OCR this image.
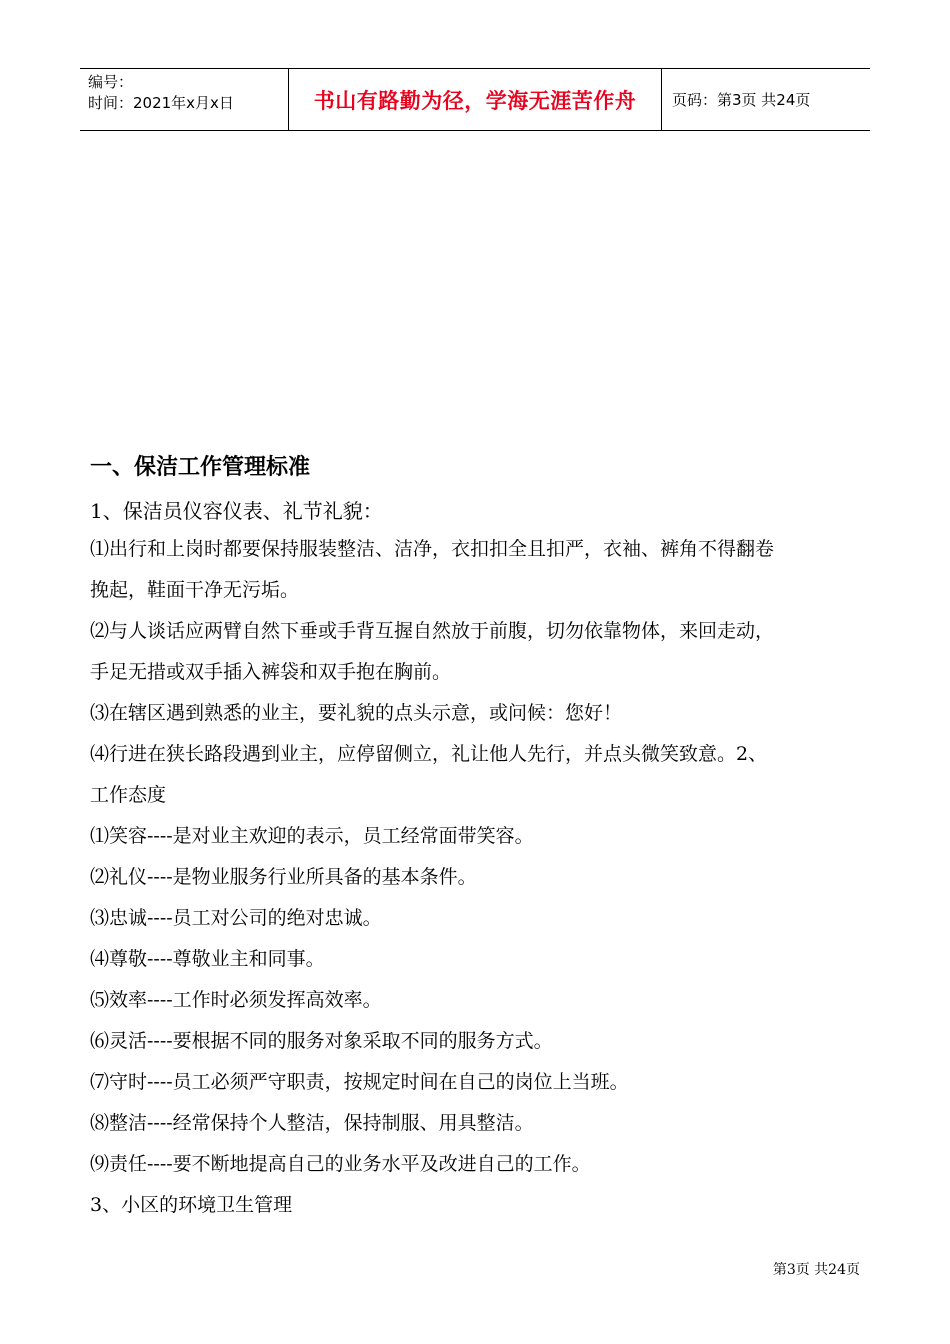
编号：
时间：2021年x月x日	书山有路勤为径，学海无涯苦作舟	页码：第3页 共24页
一、保洁工作管理标准
1、保洁员仪容仪表、礼节礼貌：
⑴出行和上岗时都要保持服装整洁、洁净，衣扣扣全且扣严，衣袖、裤角不得翻卷
挽起，鞋面干净无污垢。
⑵与人谈话应两臂自然下垂或手背互握自然放于前腹，切勿依靠物体，来回走动，
手足无措或双手插入裤袋和双手抱在胸前。
⑶在辖区遇到熟悉的业主，要礼貌的点头示意，或问候：您好！
⑷行进在狭长路段遇到业主，应停留侧立，礼让他人先行，并点头微笑致意。2、
工作态度
⑴笑容----是对业主欢迎的表示，员工经常面带笑容。
⑵礼仪----是物业服务行业所具备的基本条件。
⑶忠诚----员工对公司的绝对忠诚。
⑷尊敬----尊敬业主和同事。
⑸效率----工作时必须发挥高效率。
⑹灵活----要根据不同的服务对象采取不同的服务方式。
⑺守时----员工必须严守职责，按规定时间在自己的岗位上当班。
⑻整洁----经常保持个人整洁，保持制服、用具整洁。
⑼责任----要不断地提高自己的业务水平及改进自己的工作。
3、小区的环境卫生管理
第3页 共24页
